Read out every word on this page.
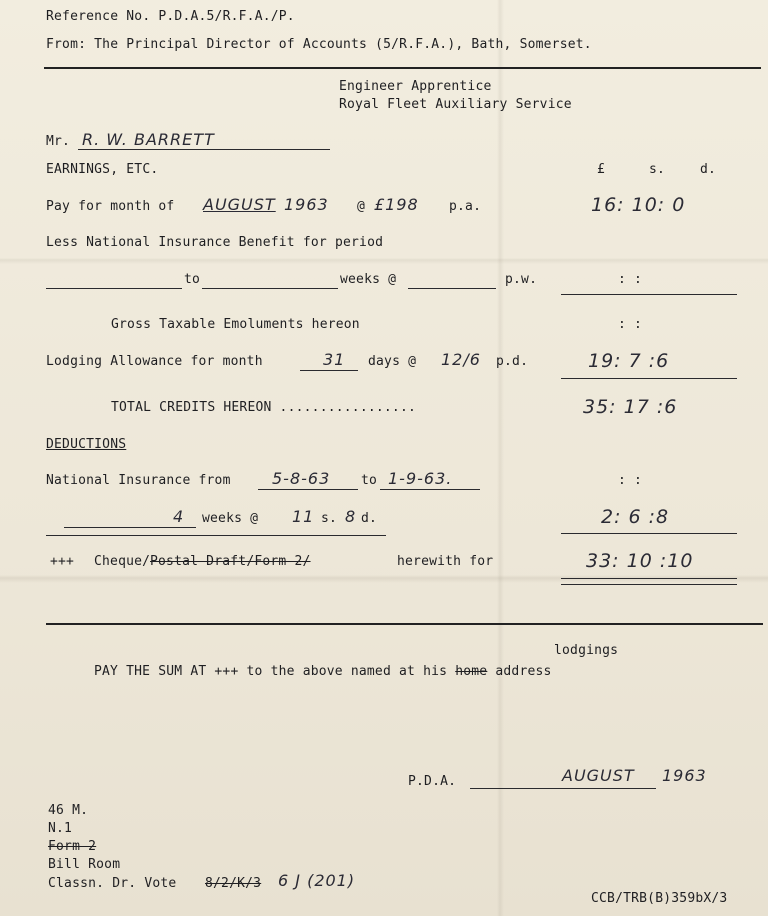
Reference No. P.D.A.5/R.F.A./P.
From: The Principal Director of Accounts (5/R.F.A.), Bath, Somerset.
Engineer Apprentice
Royal Fleet Auxiliary Service
Mr. R. W. BARRETT
EARNINGS, ETC.	£	s.	d.
Pay for month of AUGUST 1963 @ £198 p.a.	16: 10: 0
Less National Insurance Benefit for period
to	weeks @	p.w.	: :
Gross Taxable Emoluments hereon	: :
Lodging Allowance for month	31 days @ 12/6 p.d.	19: 7 :6
TOTAL CREDITS HEREON .................	35: 17 :6
DEDUCTIONS
National Insurance from	5-8-63 to 1-9-63.	: :
4 weeks @ 11 s. 8 d.	2: 6 :8
+++ Cheque/ Postal Draft/Form 2/	herewith for	33: 10 :10
lodgings
PAY THE SUM AT +++ to the above named at his home address
P.D.A.	AUGUST 1963
46 M.
N.1
Form 2
Bill Room
Classn. Dr. Vote 8/2/K/3 6 J (201)
CCB/TRB(B)359bX/3
